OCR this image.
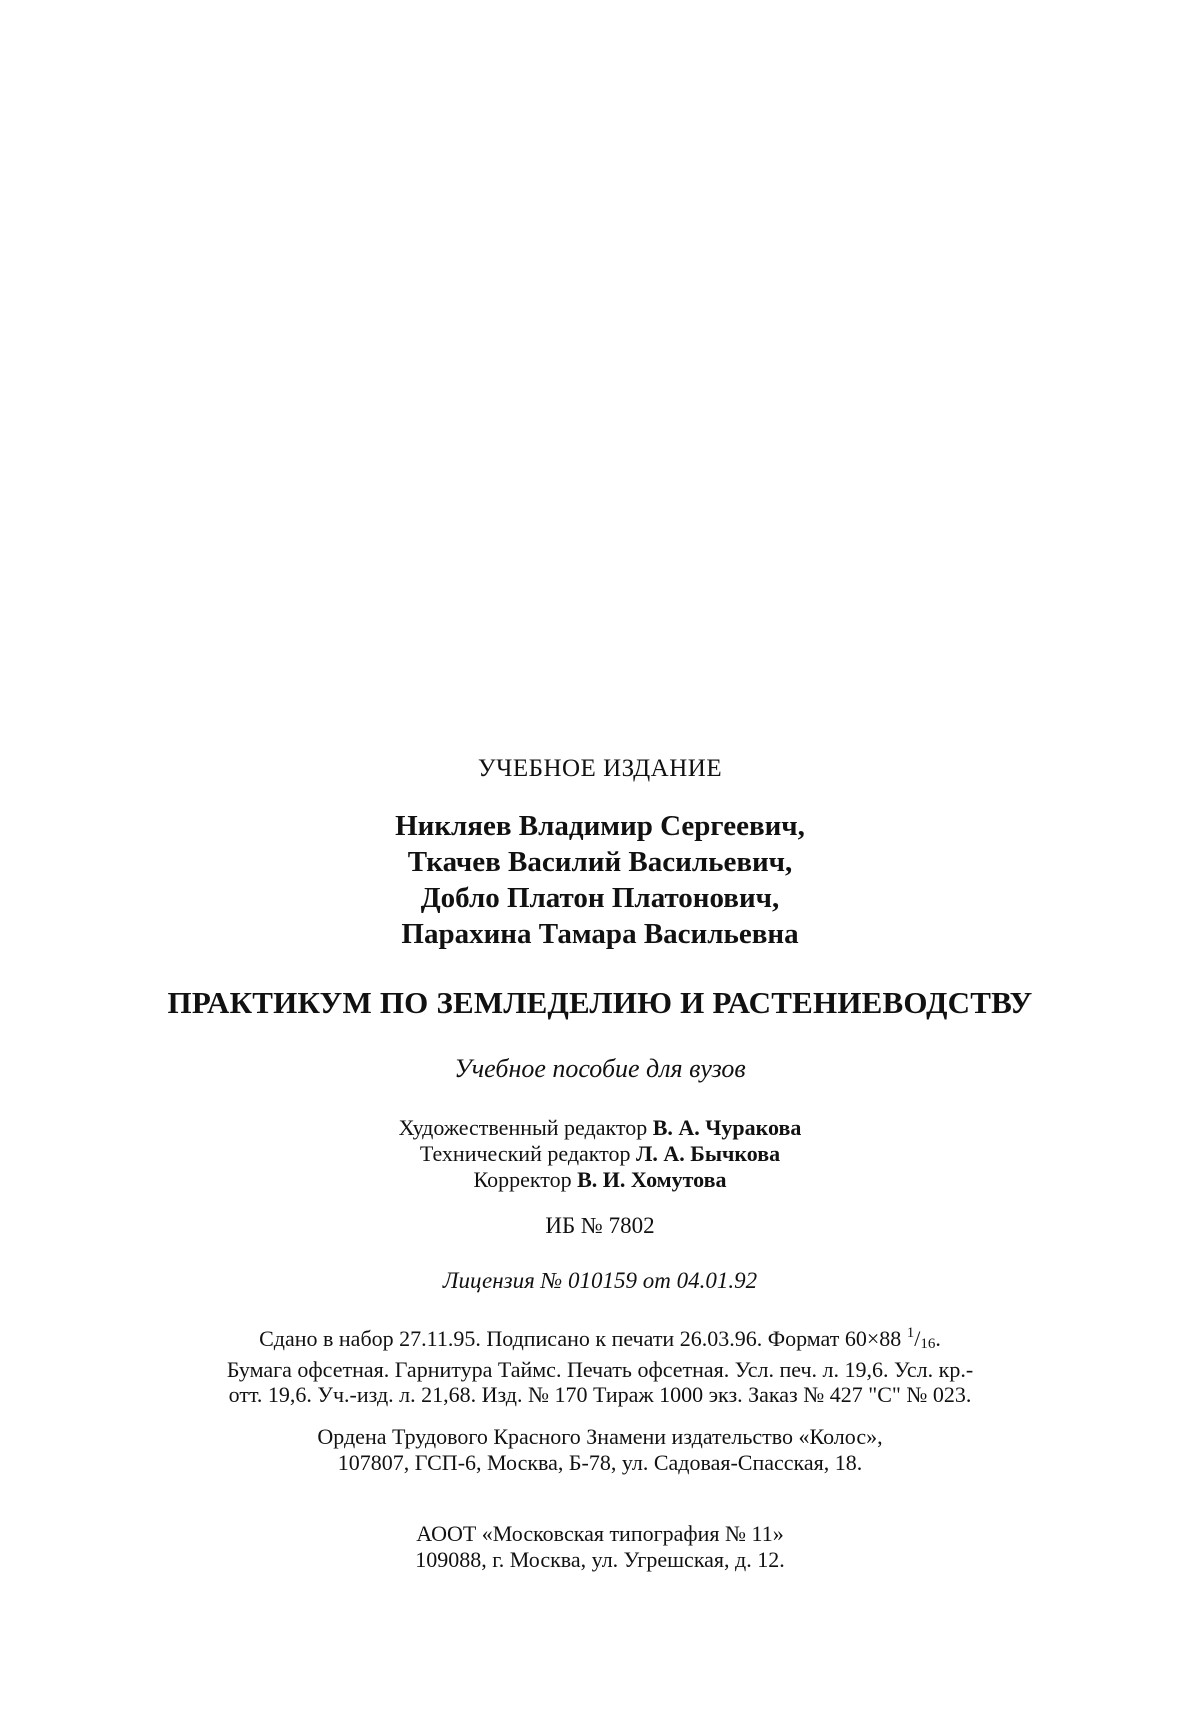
УЧЕБНОЕ ИЗДАНИЕ
Никляев Владимир Сергеевич,
Ткачев Василий Васильевич,
Добло Платон Платонович,
Парахина Тамара Васильевна
ПРАКТИКУМ ПО ЗЕМЛЕДЕЛИЮ И РАСТЕНИЕВОДСТВУ
Учебное пособие для вузов
Художественный редактор В. А. Чуракова
Технический редактор Л. А. Бычкова
Корректор В. И. Хомутова
ИБ № 7802
Лицензия № 010159 от 04.01.92
Сдано в набор 27.11.95. Подписано к печати 26.03.96. Формат 60×88 $^1/_{16}$.
Бумага офсетная. Гарнитура Таймс. Печать офсетная. Усл. печ. л. 19,6. Усл. кр.-
отт. 19,6. Уч.-изд. л. 21,68. Изд. № 170 Тираж 1000 экз. Заказ № 427 "С" № 023.
Ордена Трудового Красного Знамени издательство «Колос»,
107807, ГСП-6, Москва, Б-78, ул. Садовая-Спасская, 18.
АООТ «Московская типография № 11»
109088, г. Москва, ул. Угрешская, д. 12.
